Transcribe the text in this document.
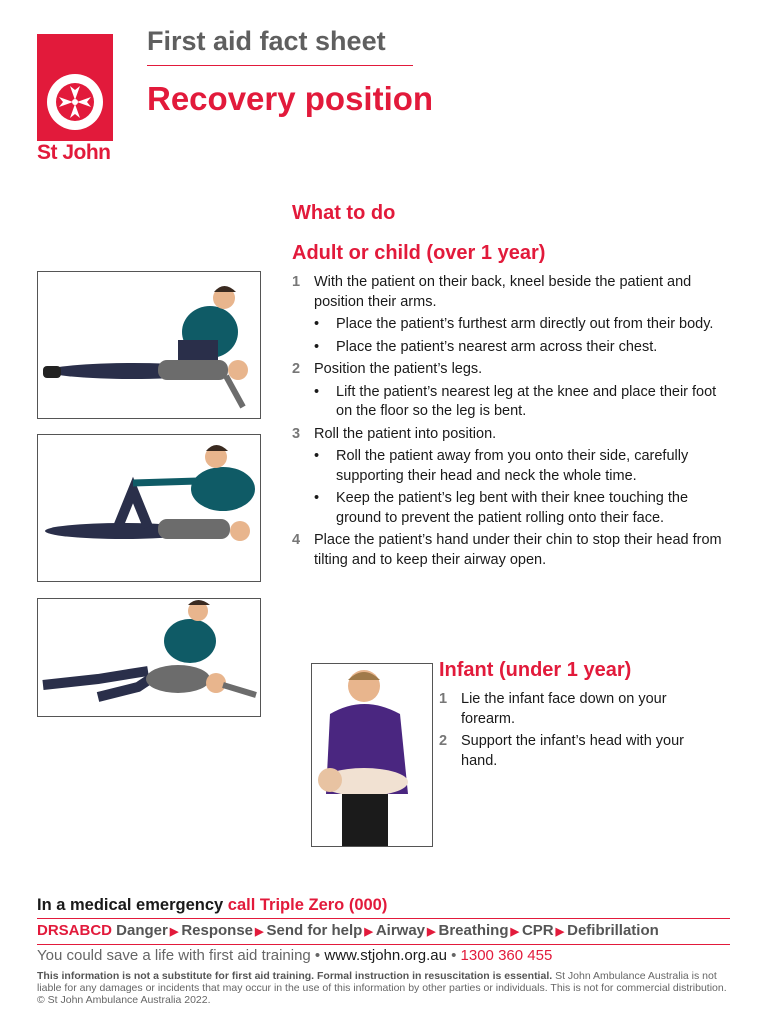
St John
First aid fact sheet
Recovery position
What to do
Adult or child (over 1 year)
1 With the patient on their back, kneel beside the patient and position their arms.
• Place the patient’s furthest arm directly out from their body.
• Place the patient’s nearest arm across their chest.
2 Position the patient’s legs.
• Lift the patient’s nearest leg at the knee and place their foot on the floor so the leg is bent.
3 Roll the patient into position.
• Roll the patient away from you onto their side, carefully supporting their head and neck the whole time.
• Keep the patient’s leg bent with their knee touching the ground to prevent the patient rolling onto their face.
4 Place the patient’s hand under their chin to stop their head from tilting and to keep their airway open.
Infant (under 1 year)
1 Lie the infant face down on your forearm.
2 Support the infant’s head with your hand.
In a medical emergency call Triple Zero (000)
DRSABCD Danger ▶ Response ▶ Send for help ▶ Airway ▶ Breathing ▶ CPR ▶ Defibrillation
You could save a life with first aid training • www.stjohn.org.au • 1300 360 455
This information is not a substitute for first aid training. Formal instruction in resuscitation is essential. St John Ambulance Australia is not liable for any damages or incidents that may occur in the use of this information by other parties or individuals. This is not for commercial distribution. © St John Ambulance Australia 2022.
